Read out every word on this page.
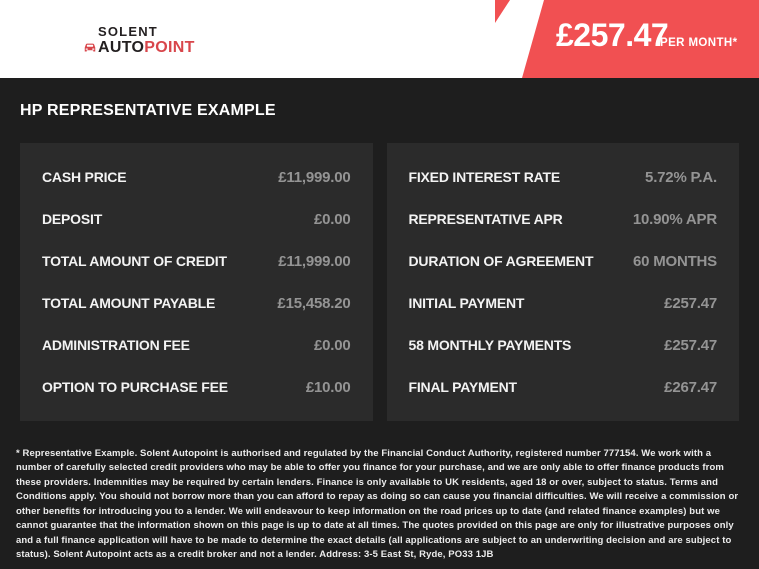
SOLENT
AUTO POINT	£257.47
PER MONTH*
HP REPRESENTATIVE EXAMPLE
CASH PRICE	£11,999.00
DEPOSIT	£0.00
TOTAL AMOUNT OF CREDIT	£11,999.00
TOTAL AMOUNT PAYABLE	£15,458.20
ADMINISTRATION FEE	£0.00
OPTION TO PURCHASE FEE	£10.00
FIXED INTEREST RATE	5.72% P.A.
REPRESENTATIVE APR	10.90% APR
DURATION OF AGREEMENT	60 MONTHS
INITIAL PAYMENT	£257.47
58 MONTHLY PAYMENTS	£257.47
FINAL PAYMENT	£267.47
* Representative Example. Solent Autopoint is authorised and regulated by the Financial Conduct Authority, registered number 777154. We work with a number of carefully selected credit providers who may be able to offer you finance for your purchase, and we are only able to offer finance products from these providers. Indemnities may be required by certain lenders. Finance is only available to UK residents, aged 18 or over, subject to status. Terms and Conditions apply. You should not borrow more than you can afford to repay as doing so can cause you financial difficulties. We will receive a commission or other benefits for introducing you to a lender. We will endeavour to keep information on the road prices up to date (and related finance examples) but we cannot guarantee that the information shown on this page is up to date at all times. The quotes provided on this page are only for illustrative purposes only and a full finance application will have to be made to determine the exact details (all applications are subject to an underwriting decision and are subject to status). Solent Autopoint acts as a credit broker and not a lender. Address: 3-5 East St, Ryde, PO33 1JB
